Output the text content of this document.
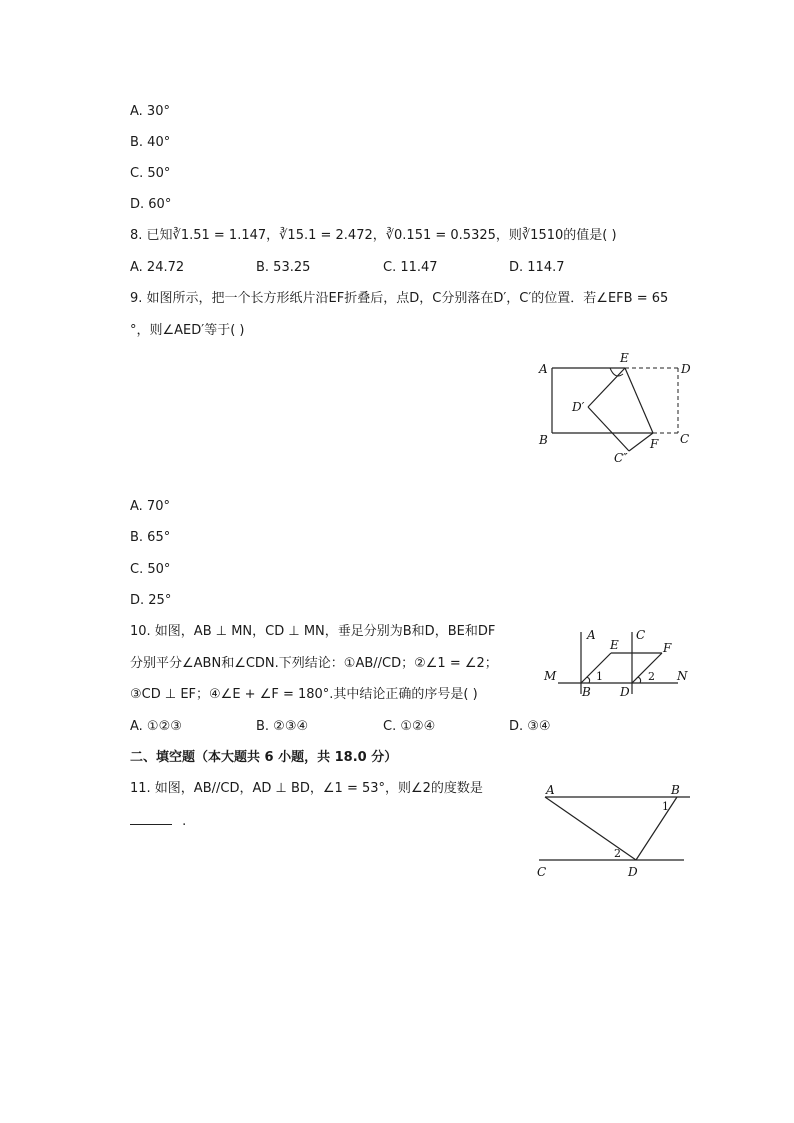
A. 30°
B. 40°
C. 50°
D. 60°
8. 已知∛1.51 = 1.147，∛15.1 = 2.472，∛0.151 = 0.5325，则∛1510的值是( )
A. 24.72	B. 53.25	C. 11.47	D. 114.7
9. 如图所示，把一个长方形纸片沿EF折叠后，点D，C分别落在D′，C′的位置．若∠EFB = 65
°，则∠AED′等于( )
A
E
D
D′
B	F C
C″
A. 70°
B. 65°
C. 50°
D. 25°
10. 如图，AB ⊥ MN，CD ⊥ MN，垂足分别为B和D，BE和DF
分别平分∠ABN和∠CDN.下列结论：①AB//CD；②∠1 = ∠2；
③CD ⊥ EF；④∠E + ∠F = 180°.其中结论正确的序号是( )
A	C
E	F
M	N
B D
1	2
A. ①②③	B. ②③④	C. ①②④	D. ③④
二、填空题（本大题共 6 小题，共 18.0 分）
11. 如图，AB//CD，AD ⊥ BD，∠1 = 53°，则∠2的度数是
.
A	B
C	D
1
2
